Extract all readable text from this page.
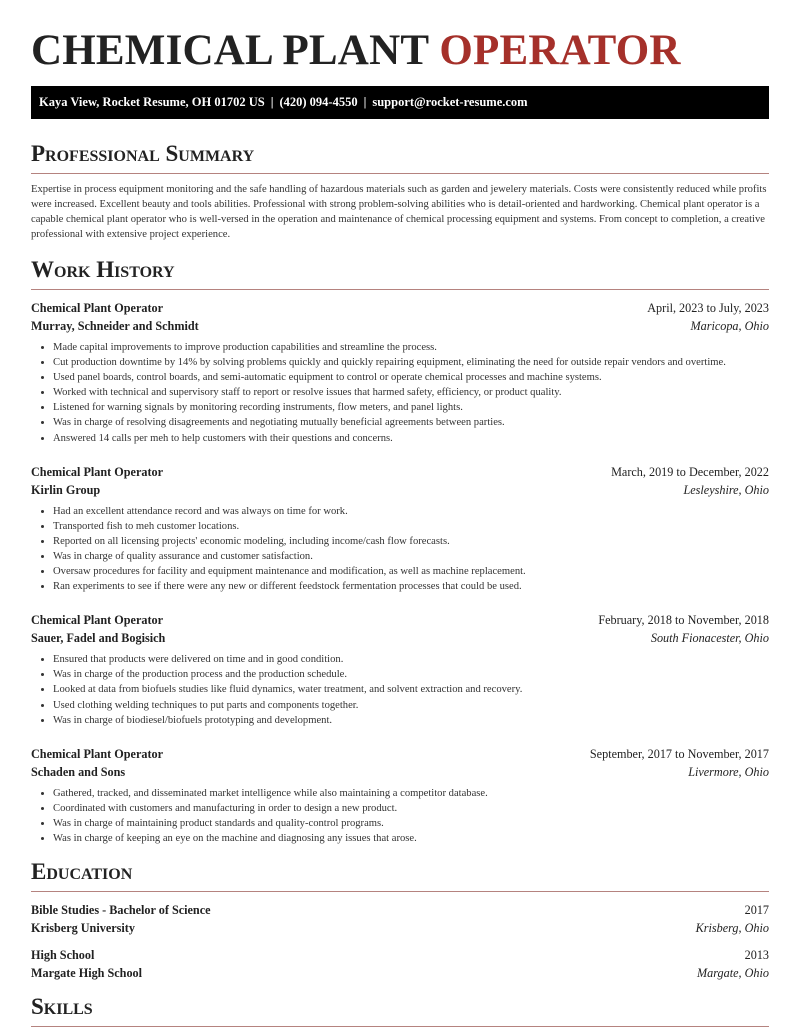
CHEMICAL PLANT OPERATOR
Kaya View, Rocket Resume, OH 01702 US | (420) 094-4550 | support@rocket-resume.com
Professional Summary

Expertise in process equipment monitoring and the safe handling of hazardous materials such as garden and jewelery materials. Costs were consistently reduced while profits were increased. Excellent beauty and tools abilities. Professional with strong problem-solving abilities who is detail-oriented and hardworking. Chemical plant operator is a capable chemical plant operator who is well-versed in the operation and maintenance of chemical processing equipment and systems. From concept to completion, a creative professional with extensive project experience.

Work History
Chemical Plant Operator	April, 2023 to July, 2023
Murray, Schneider and Schmidt	Maricopa, Ohio
• Made capital improvements to improve production capabilities and streamline the process.
• Cut production downtime by 14% by solving problems quickly and quickly repairing equipment, eliminating the need for outside repair vendors and overtime.
• Used panel boards, control boards, and semi-automatic equipment to control or operate chemical processes and machine systems.
• Worked with technical and supervisory staff to report or resolve issues that harmed safety, efficiency, or product quality.
• Listened for warning signals by monitoring recording instruments, flow meters, and panel lights.
• Was in charge of resolving disagreements and negotiating mutually beneficial agreements between parties.
• Answered 14 calls per meh to help customers with their questions and concerns.
Chemical Plant Operator	March, 2019 to December, 2022
Kirlin Group	Lesleyshire, Ohio
• Had an excellent attendance record and was always on time for work.
• Transported fish to meh customer locations.
• Reported on all licensing projects' economic modeling, including income/cash flow forecasts.
• Was in charge of quality assurance and customer satisfaction.
• Oversaw procedures for facility and equipment maintenance and modification, as well as machine replacement.
• Ran experiments to see if there were any new or different feedstock fermentation processes that could be used.
Chemical Plant Operator	February, 2018 to November, 2018
Sauer, Fadel and Bogisich	South Fionacester, Ohio
• Ensured that products were delivered on time and in good condition.
• Was in charge of the production process and the production schedule.
• Looked at data from biofuels studies like fluid dynamics, water treatment, and solvent extraction and recovery.
• Used clothing welding techniques to put parts and components together.
• Was in charge of biodiesel/biofuels prototyping and development.
Chemical Plant Operator	September, 2017 to November, 2017
Schaden and Sons	Livermore, Ohio
• Gathered, tracked, and disseminated market intelligence while also maintaining a competitor database.
• Coordinated with customers and manufacturing in order to design a new product.
• Was in charge of maintaining product standards and quality-control programs.
• Was in charge of keeping an eye on the machine and diagnosing any issues that arose.
Education
Bible Studies - Bachelor of Science	2017
Krisberg University	Krisberg, Ohio
High School	2013
Margate High School	Margate, Ohio
Skills
